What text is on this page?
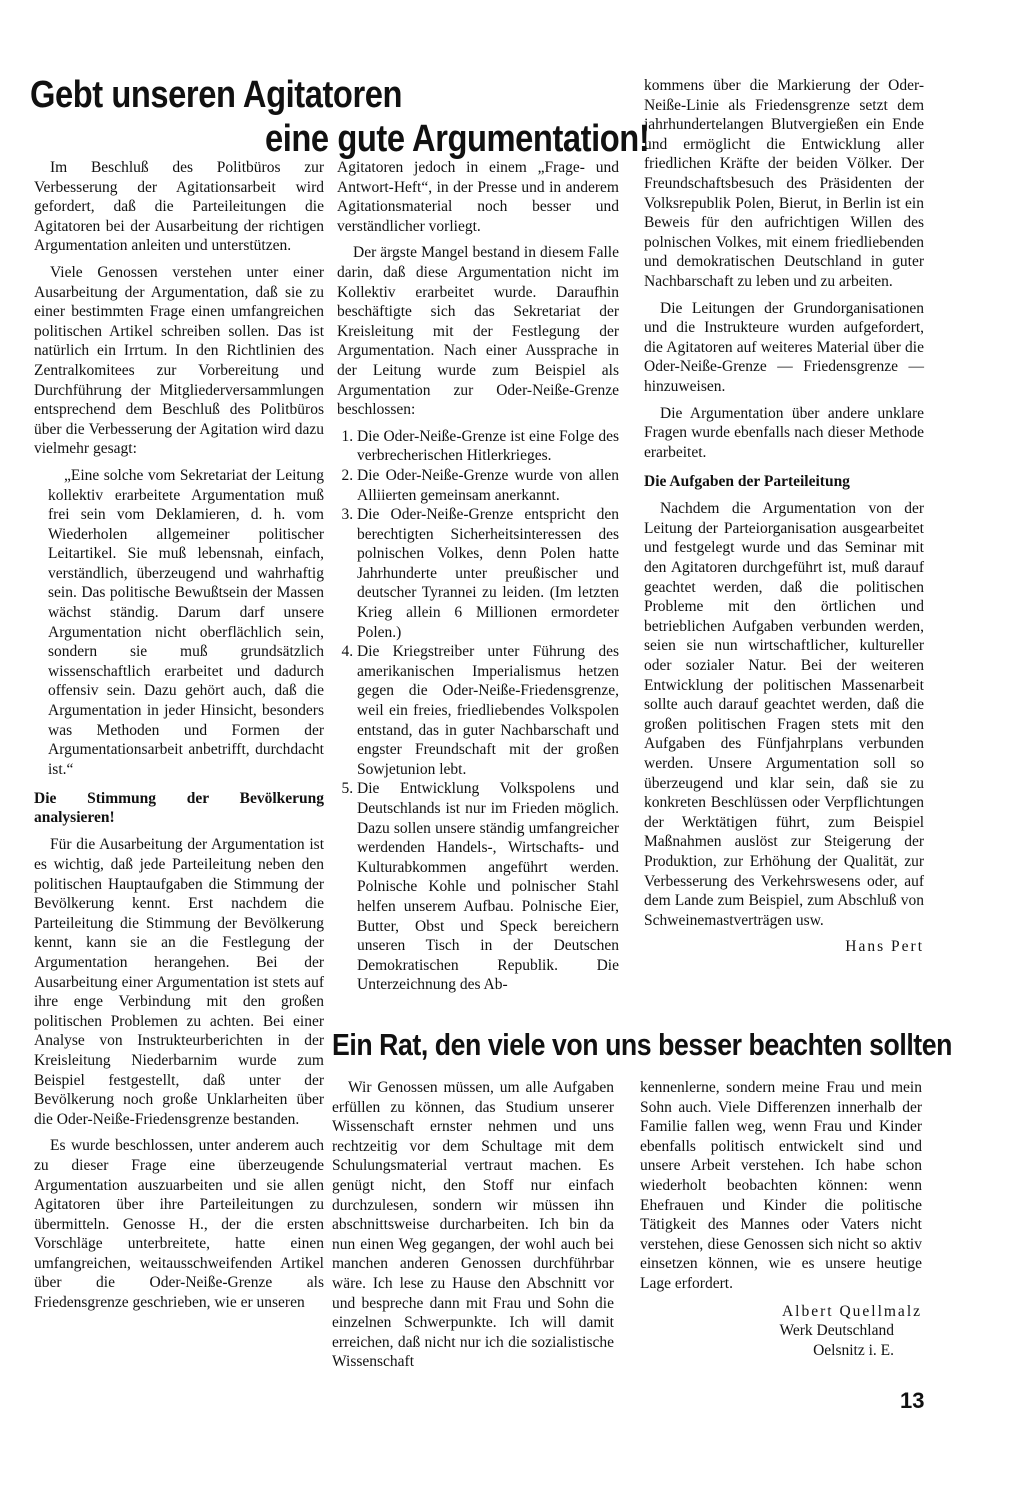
Gebt unseren Agitatoren
eine gute Argumentation!

Im Beschluß des Politbüros zur Verbesserung der Agitationsarbeit wird gefordert, daß die Parteileitungen die Agitatoren bei der Ausarbeitung der richtigen Argumentation anleiten und unterstützen.

Viele Genossen verstehen unter einer Ausarbeitung der Argumentation, daß sie zu einer bestimmten Frage einen umfangreichen politischen Artikel schreiben sollen. Das ist natürlich ein Irrtum. In den Richtlinien des Zentralkomitees zur Vorbereitung und Durchführung der Mitgliederversammlungen entsprechend dem Beschluß des Politbüros über die Verbesserung der Agitation wird dazu vielmehr gesagt:

„Eine solche vom Sekretariat der Leitung kollektiv erarbeitete Argumentation muß frei sein vom Deklamieren, d. h. vom Wiederholen allgemeiner politischer Leitartikel. Sie muß lebensnah, einfach, verständlich, überzeugend und wahrhaftig sein. Das politische Bewußtsein der Massen wächst ständig. Darum darf unsere Argumentation nicht oberflächlich sein, sondern sie muß grundsätzlich wissenschaftlich erarbeitet und dadurch offensiv sein. Dazu gehört auch, daß die Argumentation in jeder Hinsicht, besonders was Methoden und Formen der Argumentationsarbeit anbetrifft, durchdacht ist.“

Die Stimmung der Bevölkerung analysieren!

Für die Ausarbeitung der Argumentation ist es wichtig, daß jede Parteileitung neben den politischen Hauptaufgaben die Stimmung der Bevölkerung kennt. Erst nachdem die Parteileitung die Stimmung der Bevölkerung kennt, kann sie an die Festlegung der Argumentation herangehen. Bei der Ausarbeitung einer Argumentation ist stets auf ihre enge Verbindung mit den großen politischen Problemen zu achten. Bei einer Analyse von Instrukteurberichten in der Kreisleitung Niederbarnim wurde zum Beispiel festgestellt, daß unter der Bevölkerung noch große Unklarheiten über die Oder-Neiße-Friedensgrenze bestanden.

Es wurde beschlossen, unter anderem auch zu dieser Frage eine überzeugende Argumentation auszuarbeiten und sie allen Agitatoren über ihre Parteileitungen zu übermitteln. Genosse H., der die ersten Vorschläge unterbreitete, hatte einen umfangreichen, weitausschweifenden Artikel über die Oder-Neiße-Grenze als Friedensgrenze geschrieben, wie er unseren

Agitatoren jedoch in einem „Frage- und Antwort-Heft“, in der Presse und in anderem Agitationsmaterial noch besser und verständlicher vorliegt.

Der ärgste Mangel bestand in diesem Falle darin, daß diese Argumentation nicht im Kollektiv erarbeitet wurde. Daraufhin beschäftigte sich das Sekretariat der Kreisleitung mit der Festlegung der Argumentation. Nach einer Aussprache in der Leitung wurde zum Beispiel als Argumentation zur Oder-Neiße-Grenze beschlossen:

1. Die Oder-Neiße-Grenze ist eine Folge des verbrecherischen Hitlerkrieges.
2. Die Oder-Neiße-Grenze wurde von allen Alliierten gemeinsam anerkannt.
3. Die Oder-Neiße-Grenze entspricht den berechtigten Sicherheitsinteressen des polnischen Volkes, denn Polen hatte Jahrhunderte unter preußischer und deutscher Tyrannei zu leiden. (Im letzten Krieg allein 6 Millionen ermordeter Polen.)
4. Die Kriegstreiber unter Führung des amerikanischen Imperialismus hetzen gegen die Oder-Neiße-Friedensgrenze, weil ein freies, friedliebendes Volkspolen entstand, das in guter Nachbarschaft und engster Freundschaft mit der großen Sowjetunion lebt.
5. Die Entwicklung Volkspolens und Deutschlands ist nur im Frieden möglich. Dazu sollen unsere ständig umfangreicher werdenden Handels-, Wirtschafts- und Kulturabkommen angeführt werden. Polnische Kohle und polnischer Stahl helfen unserem Aufbau. Polnische Eier, Butter, Obst und Speck bereichern unseren Tisch in der Deutschen Demokratischen Republik. Die Unterzeichnung des Ab-

kommens über die Markierung der Oder-Neiße-Linie als Friedensgrenze setzt dem jahrhundertelangen Blutvergießen ein Ende und ermöglicht die Entwicklung aller friedlichen Kräfte der beiden Völker. Der Freundschaftsbesuch des Präsidenten der Volksrepublik Polen, Bierut, in Berlin ist ein Beweis für den aufrichtigen Willen des polnischen Volkes, mit einem friedliebenden und demokratischen Deutschland in guter Nachbarschaft zu leben und zu arbeiten.

Die Leitungen der Grundorganisationen und die Instrukteure wurden aufgefordert, die Agitatoren auf weiteres Material über die Oder-Neiße-Grenze — Friedensgrenze — hinzuweisen.

Die Argumentation über andere unklare Fragen wurde ebenfalls nach dieser Methode erarbeitet.

Die Aufgaben der Parteileitung

Nachdem die Argumentation von der Leitung der Parteiorganisation ausgearbeitet und festgelegt wurde und das Seminar mit den Agitatoren durchgeführt ist, muß darauf geachtet werden, daß die politischen Probleme mit den örtlichen und betrieblichen Aufgaben verbunden werden, seien sie nun wirtschaftlicher, kultureller oder sozialer Natur. Bei der weiteren Entwicklung der politischen Massenarbeit sollte auch darauf geachtet werden, daß die großen politischen Fragen stets mit den Aufgaben des Fünfjahrplans verbunden werden. Unsere Argumentation soll so überzeugend und klar sein, daß sie zu konkreten Beschlüssen oder Verpflichtungen der Werktätigen führt, zum Beispiel Maßnahmen auslöst zur Steigerung der Produktion, zur Erhöhung der Qualität, zur Verbesserung des Verkehrswesens oder, auf dem Lande zum Beispiel, zum Abschluß von Schweinemastverträgen usw.

Hans Pert
Ein Rat, den viele von uns besser beachten sollten

Wir Genossen müssen, um alle Aufgaben erfüllen zu können, das Studium unserer Wissenschaft ernster nehmen und uns rechtzeitig vor dem Schultage mit dem Schulungsmaterial vertraut machen. Es genügt nicht, den Stoff nur einfach durchzulesen, sondern wir müssen ihn abschnittsweise durcharbeiten. Ich bin da nun einen Weg gegangen, der wohl auch bei manchen anderen Genossen durchführbar wäre. Ich lese zu Hause den Abschnitt vor und bespreche dann mit Frau und Sohn die einzelnen Schwerpunkte. Ich will damit erreichen, daß nicht nur ich die sozialistische Wissenschaft

kennenlerne, sondern meine Frau und mein Sohn auch. Viele Differenzen innerhalb der Familie fallen weg, wenn Frau und Kinder ebenfalls politisch entwickelt sind und unsere Arbeit verstehen. Ich habe schon wiederholt beobachten können: wenn Ehefrauen und Kinder die politische Tätigkeit des Mannes oder Vaters nicht verstehen, diese Genossen sich nicht so aktiv einsetzen können, wie es unsere heutige Lage erfordert.

Albert Quellmalz
Werk Deutschland
Oelsnitz i. E.
13
